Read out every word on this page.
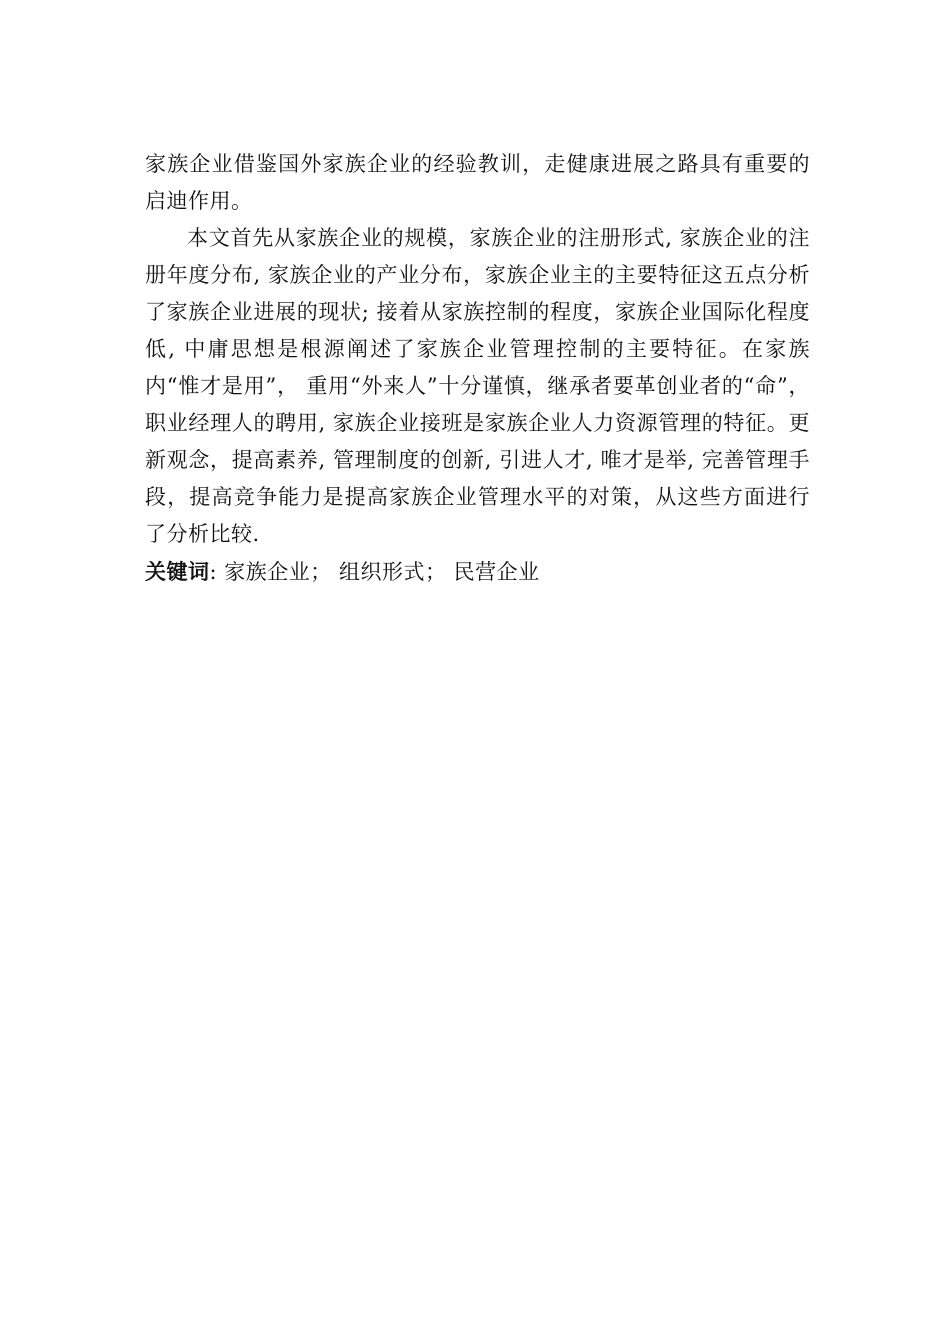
家族企业借鉴国外家族企业的经验教训，走健康进展之路具有重要的启迪作用。

本文首先从家族企业的规模，家族企业的注册形式, 家族企业的注册年度分布, 家族企业的产业分布，家族企业主的主要特征这五点分析了家族企业进展的现状; 接着从家族控制的程度，家族企业国际化程度低, 中庸思想是根源阐述了家族企业管理控制的主要特征。在家族内“惟才是用”， 重用“外来人”十分谨慎，继承者要革创业者的“命”， 职业经理人的聘用, 家族企业接班是家族企业人力资源管理的特征。更新观念，提高素养, 管理制度的创新, 引进人才, 唯才是举, 完善管理手段，提高竞争能力是提高家族企业管理水平的对策，从这些方面进行了分析比较.

关键词: 家族企业； 组织形式； 民营企业
